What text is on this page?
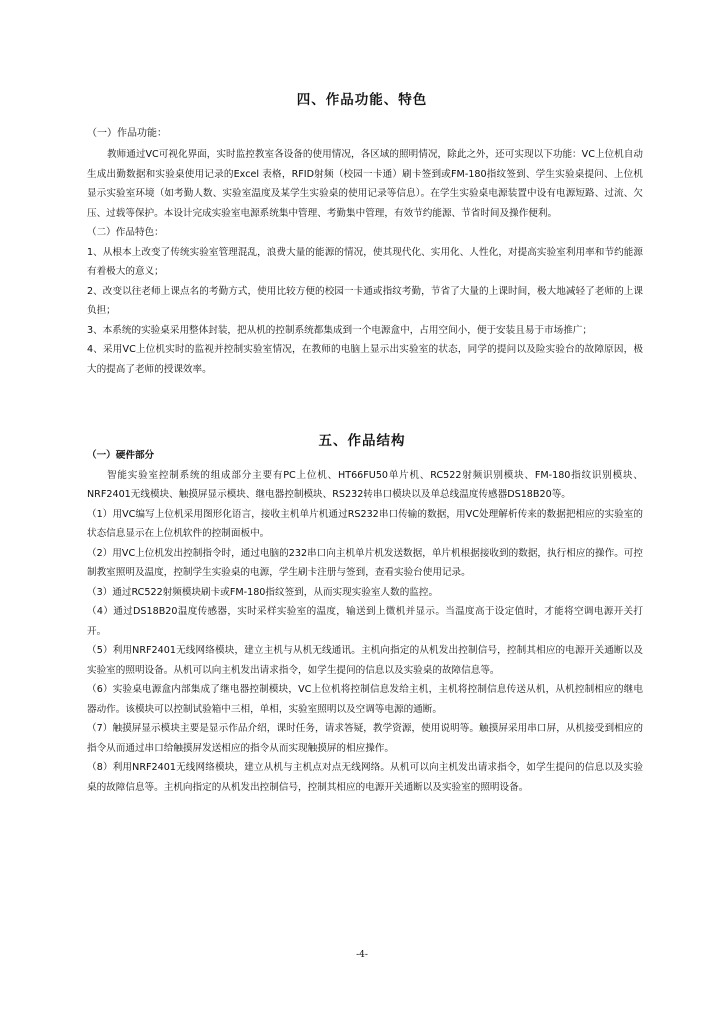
四、作品功能、特色
（一）作品功能：

教师通过VC可视化界面，实时监控教室各设备的使用情况，各区域的照明情况，除此之外，还可实现以下功能：VC上位机自动生成出勤数据和实验桌使用记录的Excel 表格，RFID射频（校园一卡通）刷卡签到或FM-180指纹签到、学生实验桌提问、上位机显示实验室环境（如考勤人数、实验室温度及某学生实验桌的使用记录等信息）。在学生实验桌电源装置中设有电源短路、过流、欠压、过载等保护。本设计完成实验室电源系统集中管理、考勤集中管理，有效节约能源、节省时间及操作便利。

（二）作品特色：

1、从根本上改变了传统实验室管理混乱，浪费大量的能源的情况，使其现代化、实用化、人性化，对提高实验室利用率和节约能源有着极大的意义；

2、改变以往老师上课点名的考勤方式，使用比较方便的校园一卡通或指纹考勤，节省了大量的上课时间，极大地减轻了老师的上课负担；

3、本系统的实验桌采用整体封装，把从机的控制系统都集成到一个电源盒中，占用空间小，便于安装且易于市场推广；

4、采用VC上位机实时的监视并控制实验室情况，在教师的电脑上显示出实验室的状态，同学的提问以及险实验台的故障原因，极大的提高了老师的授课效率。

五、作品结构

（一）硬件部分

智能实验室控制系统的组成部分主要有PC上位机、HT66FU50单片机、RC522射频识别模块、FM-180指纹识别模块、NRF2401无线模块、触摸屏显示模块、继电器控制模块、RS232转串口模块以及单总线温度传感器DS18B20等。

（1）用VC编写上位机采用图形化语言，接收主机单片机通过RS232串口传输的数据，用VC处理解析传来的数据把相应的实验室的状态信息显示在上位机软件的控制面板中。

（2）用VC上位机发出控制指令时，通过电脑的232串口向主机单片机发送数据，单片机根据接收到的数据，执行相应的操作。可控制教室照明及温度，控制学生实验桌的电源，学生刷卡注册与签到，查看实验台使用记录。

（3）通过RC522射频模块刷卡或FM-180指纹签到，从而实现实验室人数的监控。

（4）通过DS18B20温度传感器，实时采样实验室的温度，输送到上微机并显示。当温度高于设定值时，才能将空调电源开关打开。

（5）利用NRF2401无线网络模块，建立主机与从机无线通讯。主机向指定的从机发出控制信号，控制其相应的电源开关通断以及实验室的照明设备。从机可以向主机发出请求指令，如学生提问的信息以及实验桌的故障信息等。

（6）实验桌电源盒内部集成了继电器控制模块，VC上位机将控制信息发给主机，主机将控制信息传送从机，从机控制相应的继电器动作。该模块可以控制试验箱中三相，单相，实验室照明以及空调等电源的通断。

（7）触摸屏显示模块主要是显示作品介绍，课时任务，请求答疑，教学资源，使用说明等。触摸屏采用串口屏，从机接受到相应的指令从而通过串口给触摸屏发送相应的指令从而实现触摸屏的相应操作。

（8）利用NRF2401无线网络模块，建立从机与主机点对点无线网络。从机可以向主机发出请求指令，如学生提问的信息以及实验桌的故障信息等。主机向指定的从机发出控制信号，控制其相应的电源开关通断以及实验室的照明设备。

-4-
